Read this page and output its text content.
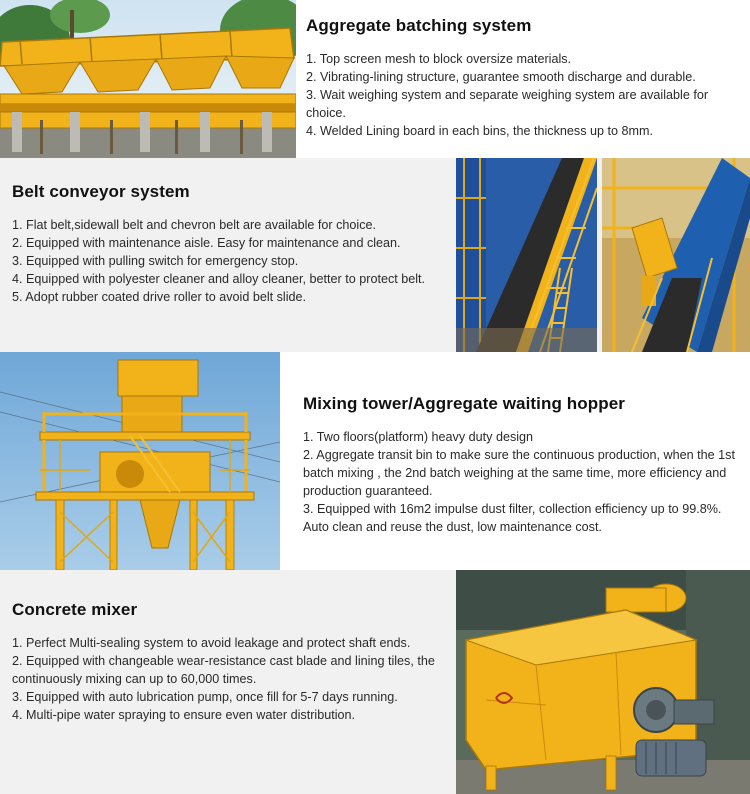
Aggregate batching system
1. Top screen mesh to block oversize materials.
2. Vibrating-lining structure, guarantee smooth discharge and durable.
3. Wait weighing system and separate weighing system are available for choice.
4. Welded Lining board in each bins, the thickness up to 8mm.
Belt conveyor system
1. Flat belt,sidewall belt and chevron belt are available for choice.
2. Equipped with maintenance aisle. Easy for maintenance and clean.
3. Equipped with pulling switch for emergency stop.
4. Equipped with polyester cleaner and alloy cleaner, better to protect belt.
5. Adopt rubber coated drive roller to avoid belt slide.
Mixing tower/Aggregate waiting hopper
1. Two floors(platform) heavy duty design
2. Aggregate transit bin to make sure the continuous production, when the 1st batch mixing , the 2nd batch weighing at the same time, more efficiency and production guaranteed.
3. Equipped with 16m2 impulse dust filter, collection efficiency up to 99.8%. Auto clean and reuse the dust, low maintenance cost.
Concrete mixer
1. Perfect Multi-sealing system to avoid leakage and protect shaft ends.
2. Equipped with changeable wear-resistance cast blade and lining tiles, the continuously mixing can up to 60,000 times.
3. Equipped with auto lubrication pump, once fill for 5-7 days running.
4. Multi-pipe water spraying to ensure even water distribution.
